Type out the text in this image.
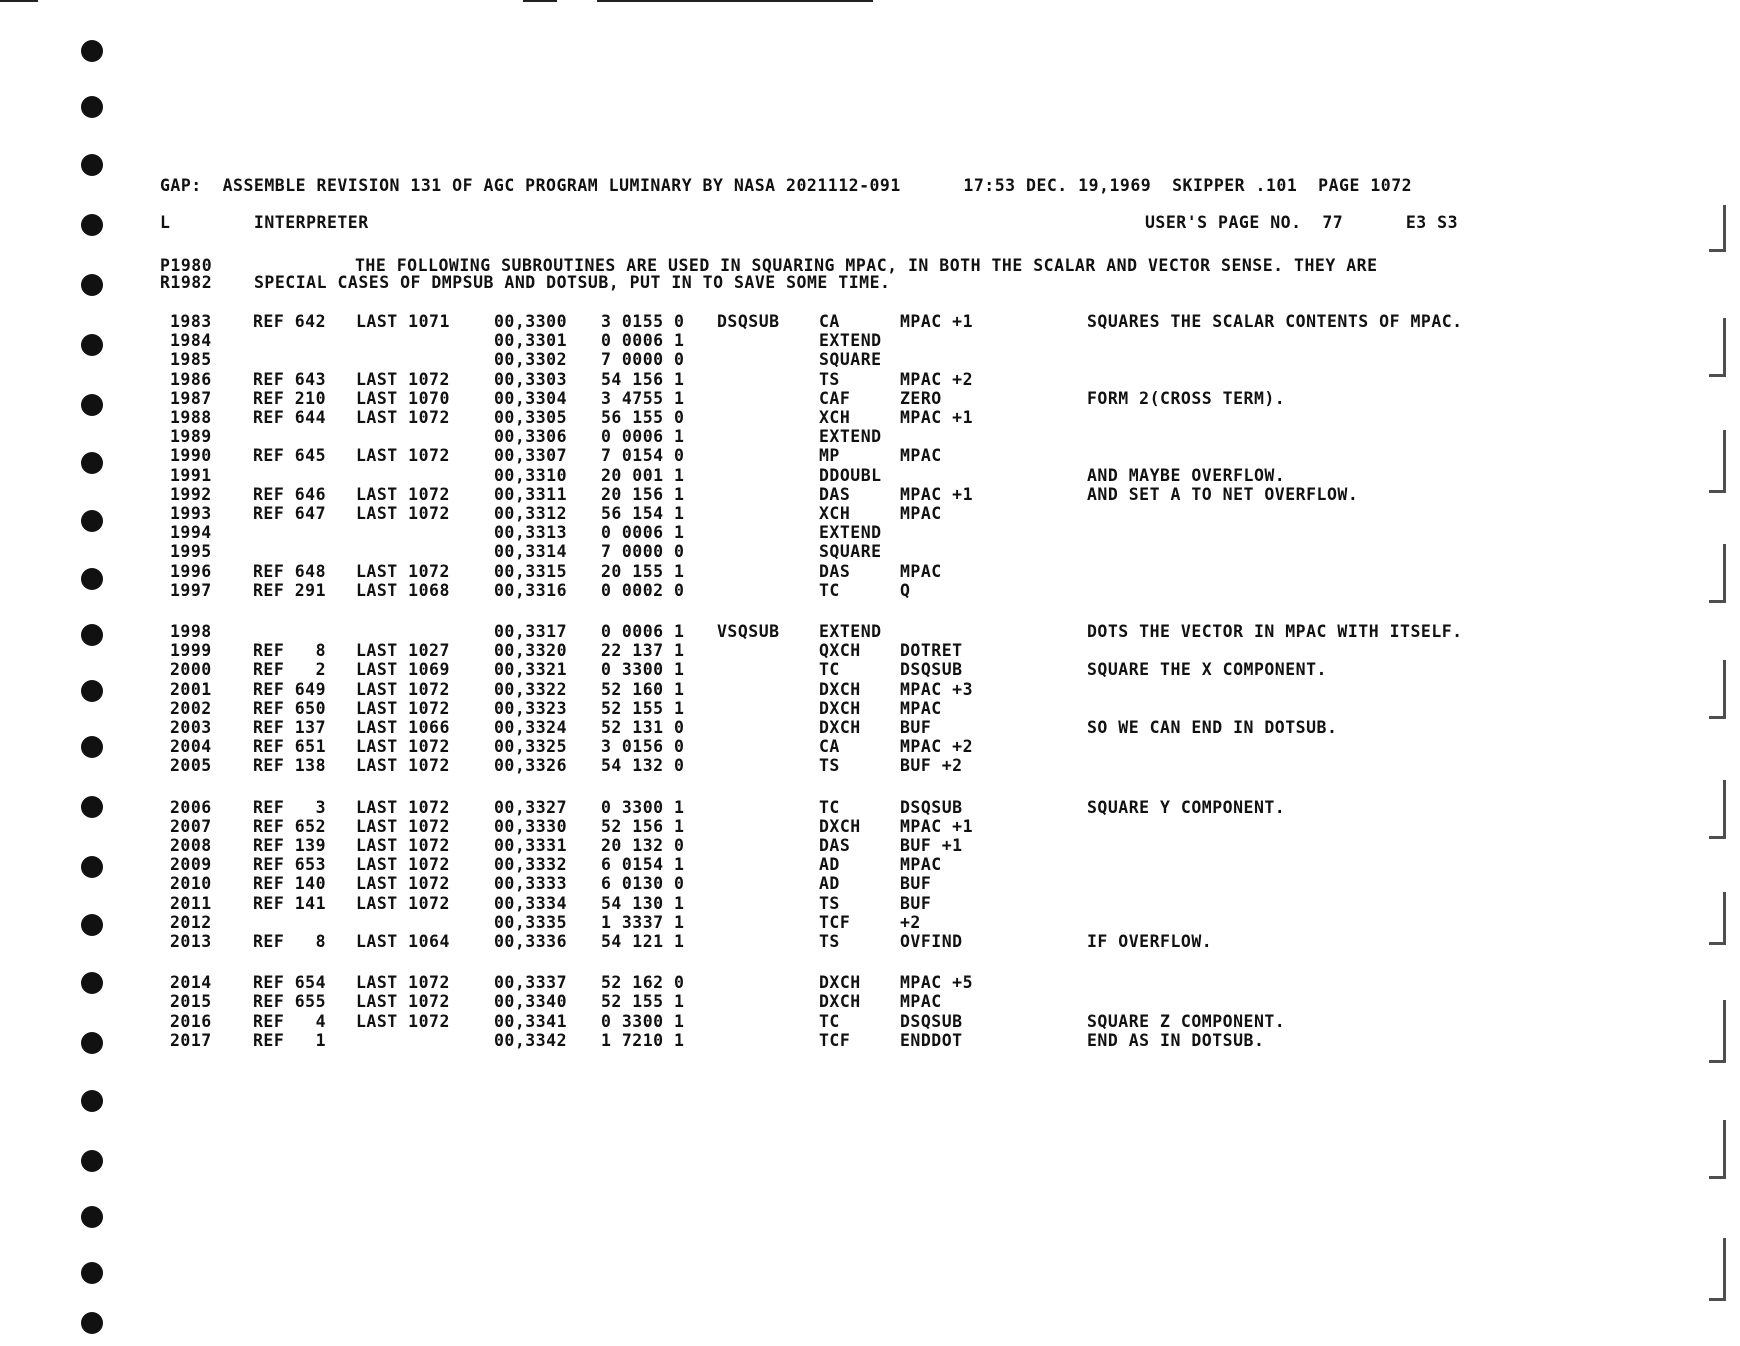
GAP:  ASSEMBLE REVISION 131 OF AGC PROGRAM LUMINARY BY NASA 2021112-091      17:53 DEC. 19,1969  SKIPPER .101  PAGE 1072
L        INTERPRETER	USER'S PAGE NO.  77      E3 S3
P1980	THE FOLLOWING SUBROUTINES ARE USED IN SQUARING MPAC, IN BOTH THE SCALAR AND VECTOR SENSE. THEY ARE
R1982	SPECIAL CASES OF DMPSUB AND DOTSUB, PUT IN TO SAVE SOME TIME.
1983	REF 642 LAST 1071	00,3300 3 0155 0 DSQSUB CA	MPAC +1	SQUARES THE SCALAR CONTENTS OF MPAC.
1984	00,3301 0 0006 1	EXTEND
1985	00,3302 7 0000 0	SQUARE
1986	REF 643 LAST 1072	00,3303 54 156 1	TS	MPAC +2
1987	REF 210 LAST 1070	00,3304 3 4755 1	CAF	ZERO	FORM 2(CROSS TERM).
1988	REF 644 LAST 1072	00,3305 56 155 0	XCH	MPAC +1
1989	00,3306 0 0006 1	EXTEND
1990	REF 645 LAST 1072	00,3307 7 0154 0	MP	MPAC
1991	00,3310 20 001 1	DDOUBL	AND MAYBE OVERFLOW.
1992	REF 646 LAST 1072	00,3311 20 156 1	DAS	MPAC +1	AND SET A TO NET OVERFLOW.
1993	REF 647 LAST 1072	00,3312 56 154 1	XCH	MPAC
1994	00,3313 0 0006 1	EXTEND
1995	00,3314 7 0000 0	SQUARE
1996	REF 648 LAST 1072	00,3315 20 155 1	DAS	MPAC
1997	REF 291 LAST 1068	00,3316 0 0002 0	TC	Q
1998	00,3317 0 0006 1 VSQSUB EXTEND	DOTS THE VECTOR IN MPAC WITH ITSELF.
1999	REF   8 LAST 1027	00,3320 22 137 1	QXCH DOTRET
2000	REF   2 LAST 1069	00,3321 0 3300 1	TC	DSQSUB	SQUARE THE X COMPONENT.
2001	REF 649 LAST 1072	00,3322 52 160 1	DXCH MPAC +3
2002	REF 650 LAST 1072	00,3323 52 155 1	DXCH MPAC
2003	REF 137 LAST 1066	00,3324 52 131 0	DXCH BUF	SO WE CAN END IN DOTSUB.
2004	REF 651 LAST 1072	00,3325 3 0156 0	CA	MPAC +2
2005	REF 138 LAST 1072	00,3326 54 132 0	TS	BUF +2
2006	REF   3 LAST 1072	00,3327 0 3300 1	TC	DSQSUB	SQUARE Y COMPONENT.
2007	REF 652 LAST 1072	00,3330 52 156 1	DXCH MPAC +1
2008	REF 139 LAST 1072	00,3331 20 132 0	DAS	BUF +1
2009	REF 653 LAST 1072	00,3332 6 0154 1	AD	MPAC
2010	REF 140 LAST 1072	00,3333 6 0130 0	AD	BUF
2011	REF 141 LAST 1072	00,3334 54 130 1	TS	BUF
2012	00,3335 1 3337 1	TCF	+2
2013	REF   8 LAST 1064	00,3336 54 121 1	TS	OVFIND	IF OVERFLOW.
2014	REF 654 LAST 1072	00,3337 52 162 0	DXCH MPAC +5
2015	REF 655 LAST 1072	00,3340 52 155 1	DXCH MPAC
2016	REF   4 LAST 1072	00,3341 0 3300 1	TC	DSQSUB	SQUARE Z COMPONENT.
2017	REF   1	00,3342 1 7210 1	TCF	ENDDOT	END AS IN DOTSUB.
